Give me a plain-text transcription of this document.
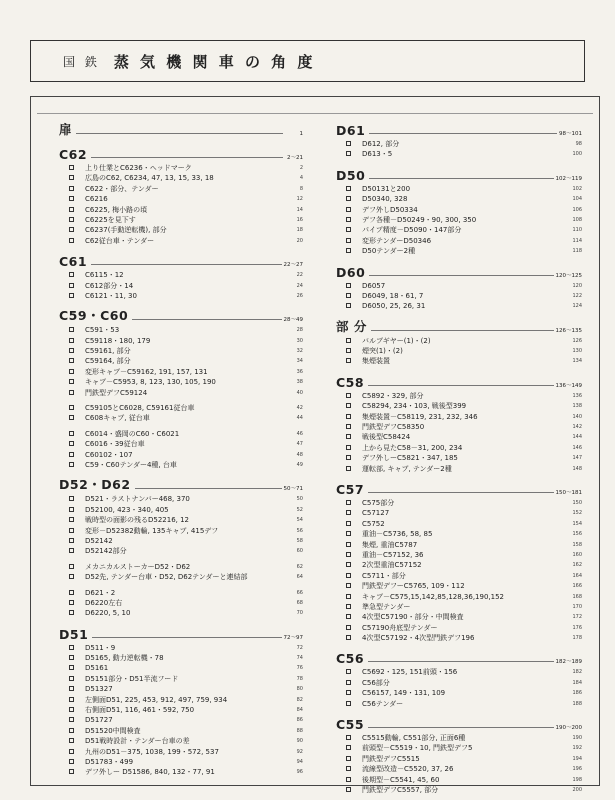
国 鉄 蒸 気 機 関 車 の 角 度
扉	1
C62	2～21
上り仕業とC6236・ヘッドマーク	2
広島のC62, C6234, 47, 13, 15, 33, 18	4
C622・部分、テンダー	8
C6216	12
C6225, 梅小路の頃	14
C6225を見下す	16
C6237(手動逆転機), 部分	18
C62従台車・テンダー	20
C61	22～27
C6115・12	22
C612部分・14	24
C6121・11, 30	26
C59・C60	28～49
C591・53	28
C59118・180, 179	30
C59161, 部分	32
C59164, 部分	34
変形キャブ－C59162, 191, 157, 131	36
キャブ－C5953, 8, 123, 130, 105, 190	38
門鉄型デフC59124	40
C59105とC6028, C59161従台車	42
C608キャブ, 従台車	44
C6014・盛岡のC60・C6021	46
C6016・39従台車	47
C60102・107	48
C59・C60テンダー4種, 台車	49
D52・D62	50～71
D521・ラストナンバー468, 370	50
D52100, 423・340, 405	52
戦時型の面影の残るD52216, 12	54
変形－D52382動輪, 135キャブ, 415デフ	56
D52142	58
D52142部分	60
メカニカルストーカーD52・D62	62
D52先, テンダー台車・D52, D62テンダーと連結部	64
D621・2	66
D6220左右	68
D6220, 5, 10	70
D51	72～97
D511・9	72
D5165, 動力逆転機・78	74
D5161	76
D5151部分・D51半流フード	78
D51327	80
左側面D51, 225, 453, 912, 497, 759, 934	82
右側面D51, 116, 461・592, 750	84
D51727	86
D51520中間検査	88
D51戦時設計・テンダー台車の差	90
九州のD51－375, 1038, 199・572, 537	92
D51783・499	94
デフ外しー D51586, 840, 132・77, 91	96
D61	98～101
D612, 部分	98
D613・5	100
D50	102～119
D50131と200	102
D50340, 328	104
デフ外しD50334	106
デフ各種－D50249・90, 300, 350	108
パイプ精度－D5090・147部分	110
変形テンダーD50346	114
D50テンダー2種	118
D60	120～125
D6057	120
D6049, 18・61, 7	122
D6050, 25, 26, 31	124
部 分	126～135
バルブギヤー(1)・(2)	126
煙突(1)・(2)	130
集煙装置	134
C58	136～149
C5892・329, 部分	136
C58294, 234・103, 戦後型399	138
集煙装置－C58119, 231, 232, 346	140
門鉄型デフC58350	142
戦後型C58424	144
上から見たC58－31, 200, 234	146
デフ外しーC5821・347, 185	147
運転部, キャブ, テンダー2種	148
C57	150～181
C575部分	150
C57127	152
C5752	154
重油－C5736, 58, 85	156
集煙, 重油C5787	158
重油－C57152, 36	160
2次型重油C57152	162
C5711・部分	164
門鉄型デフーC5765, 109・112	166
キャブ－C575,15,142,85,128,36,190,152	168
準急型テンダー	170
4次型C57190・部分・中間検査	172
C57190舟底型テンダー	176
4次型C57192・4次型門鉄デフ196	178
C56	182～189
C5692・125, 151前頭・156	182
C56部分	184
C56157, 149・131, 109	186
C56テンダー	188
C55	190～200
C5515動輪, C551部分, 正面6種	190
前頭型－C5519・10, 門鉄型デフ5	192
門鉄型デフC5515	194
流線型改造－C5520, 37, 26	196
後期型－C5541, 45, 60	198
門鉄型デフC5557, 部分	200
